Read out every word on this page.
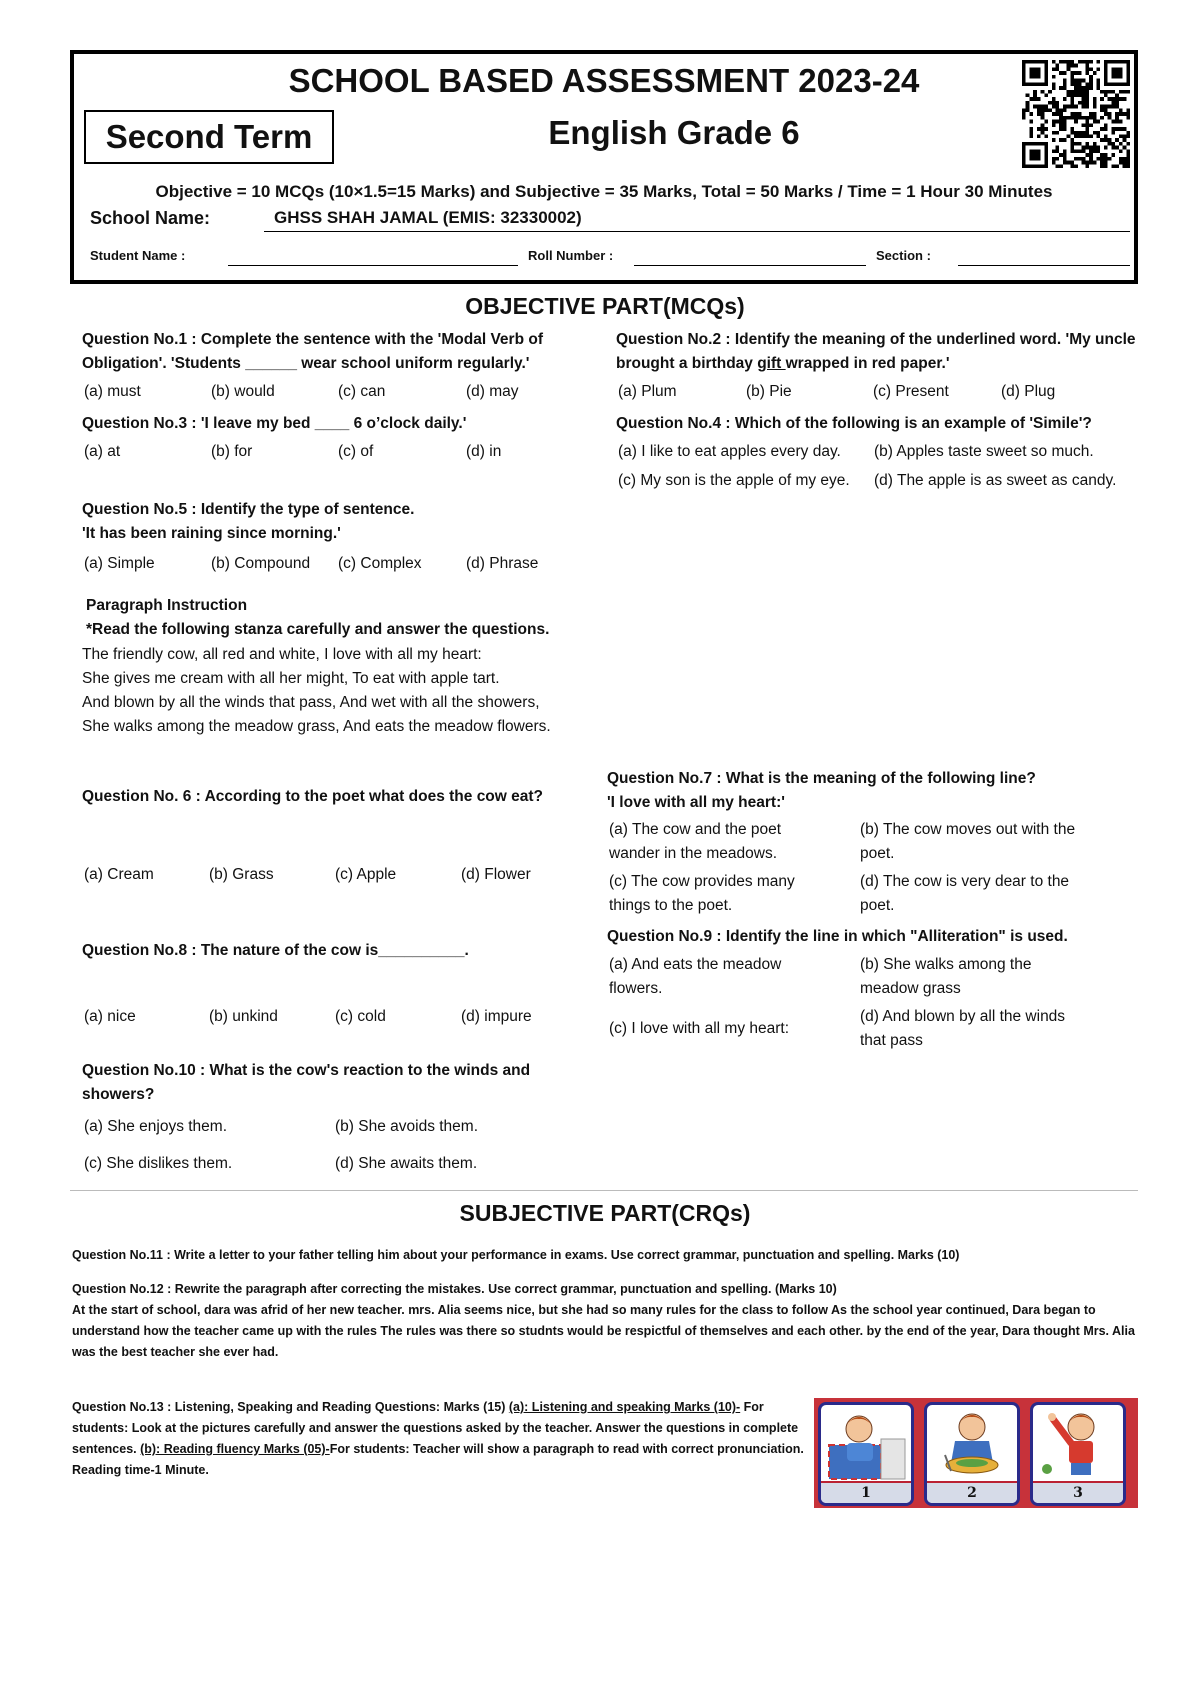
SCHOOL BASED ASSESSMENT 2023-24
Second Term	English Grade 6
Objective = 10 MCQs (10×1.5=15 Marks) and Subjective = 35 Marks, Total = 50 Marks / Time = 1 Hour 30 Minutes
School Name:	GHSS SHAH JAMAL (EMIS: 32330002)
Student Name :	Roll Number :	Section :
OBJECTIVE PART(MCQs)
Question No.1 : Complete the sentence with the 'Modal Verb of Obligation'. 'Students ______ wear school uniform regularly.'
(a) must	(b) would	(c) can	(d) may
Question No.2 : Identify the meaning of the underlined word. 'My uncle brought a birthday gift wrapped in red paper.'
(a) Plum	(b) Pie	(c) Present	(d) Plug
Question No.3 : 'I leave my bed ____ 6 o’clock daily.'
(a) at	(b) for	(c) of	(d) in
Question No.4 : Which of the following is an example of 'Simile'?
(a) I like to eat apples every day. (b) Apples taste sweet so much.
(c) My son is the apple of my eye. (d) The apple is as sweet as candy.
Question No.5 : Identify the type of sentence.
'It has been raining since morning.'
(a) Simple	(b) Compound (c) Complex	(d) Phrase
Paragraph Instruction
*Read the following stanza carefully and answer the questions.
The friendly cow, all red and white, I love with all my heart:
She gives me cream with all her might, To eat with apple tart.
And blown by all the winds that pass, And wet with all the showers,
She walks among the meadow grass, And eats the meadow flowers.
Question No. 6 : According to the poet what does the cow eat?
(a) Cream	(b) Grass	(c) Apple	(d) Flower
Question No.7 : What is the meaning of the following line?
'I love with all my heart:'
(a) The cow and the poet wander in the meadows.
(b) The cow moves out with the poet.
(c) The cow provides many things to the poet.
(d) The cow is very dear to the poet.
Question No.8 : The nature of the cow is__________.
(a) nice	(b) unkind	(c) cold	(d) impure
Question No.9 : Identify the line in which "Alliteration" is used.
(a) And eats the meadow flowers.
(b) She walks among the meadow grass
(c) I love with all my heart:
(d) And blown by all the winds that pass
Question No.10 : What is the cow's reaction to the winds and showers?
(a) She enjoys them.	(b) She avoids them.
(c) She dislikes them.	(d) She awaits them.
SUBJECTIVE PART(CRQs)
Question No.11 : Write a letter to your father telling him about your performance in exams. Use correct grammar, punctuation and spelling. Marks (10)
Question No.12 : Rewrite the paragraph after correcting the mistakes. Use correct grammar, punctuation and spelling. (Marks 10)
At the start of school, dara was afrid of her new teacher. mrs. Alia seems nice, but she had so many rules for the class to follow As the school year continued, Dara began to understand how the teacher came up with the rules The rules was there so studnts would be respictful of themselves and each other. by the end of the year, Dara thought Mrs. Alia was the best teacher she ever had.
Question No.13 : Listening, Speaking and Reading Questions: Marks (15) (a): Listening and speaking Marks (10)- For students: Look at the pictures carefully and answer the questions asked by the teacher. Answer the questions in complete sentences. (b): Reading fluency Marks (05)-For students: Teacher will show a paragraph to read with correct pronunciation. Reading time-1 Minute.
1	2	3
